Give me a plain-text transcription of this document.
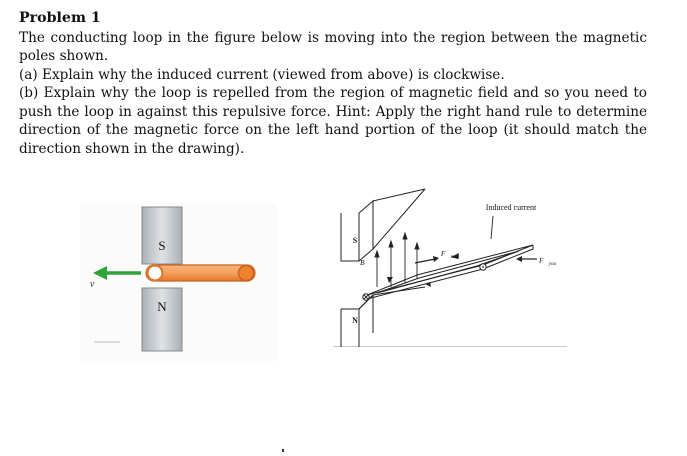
Problem 1

The conducting loop in the figure below is moving into the region between the magnetic poles shown.

(a) Explain why the induced current (viewed from above) is clockwise.

(b) Explain why the loop is repelled from the region of magnetic field and so you need to push the loop in against this repulsive force. Hint: Apply the right hand rule to determine direction of the magnetic force on the left hand portion of the loop (it should match the direction shown in the drawing).

S
N
v⃗
S
N
B⃗
$F⃗_{mag}$	$F⃗_{you}$
Induced current
